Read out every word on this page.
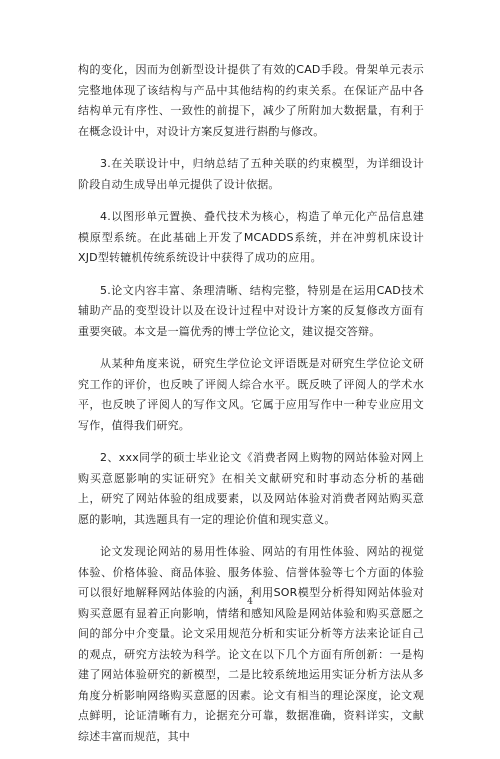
构的变化，因而为创新型设计提供了有效的CAD手段。骨架单元表示完整地体现了该结构与产品中其他结构的约束关系。在保证产品中各结构单元有序性、一致性的前提下，减少了所附加大数据量，有利于在概念设计中，对设计方案反复进行斟酌与修改。

3.在关联设计中，归纳总结了五种关联的约束模型，为详细设计阶段自动生成导出单元提供了设计依据。

4.以图形单元置换、叠代技术为核心，构造了单元化产品信息建模原型系统。在此基础上开发了MCADDS系统，并在冲剪机床设计XJD型转辘机传统系统设计中获得了成功的应用。

5.论文内容丰富、条理清晰、结构完整，特别是在运用CAD技术辅助产品的变型设计以及在设计过程中对设计方案的反复修改方面有重要突破。本文是一篇优秀的博士学位论文，建议提交答辩。

从某种角度来说，研究生学位论文评语既是对研究生学位论文研究工作的评价，也反映了评阅人综合水平。既反映了评阅人的学术水平，也反映了评阅人的写作文风。它属于应用写作中一种专业应用文写作，值得我们研究。

2、xxx同学的硕士毕业论文《消费者网上购物的网站体验对网上购买意愿影响的实证研究》在相关文献研究和时事动态分析的基础上，研究了网站体验的组成要素，以及网站体验对消费者网站购买意愿的影响，其选题具有一定的理论价值和现实意义。

论文发现论网站的易用性体验、网站的有用性体验、网站的视觉体验、价格体验、商品体验、服务体验、信誉体验等七个方面的体验可以很好地解释网站体验的内涵，利用SOR模型分析得知网站体验对购买意愿有显着正向影响，情绪和感知风险是网站体验和购买意愿之间的部分中介变量。论文采用规范分析和实证分析等方法来论证自己的观点，研究方法较为科学。论文在以下几个方面有所创新：一是构建了网站体验研究的新模型，二是比较系统地运用实证分析方法从多角度分析影响网络购买意愿的因素。论文有相当的理论深度，论文观点鲜明，论证清晰有力，论据充分可靠，数据准确，资料详实，文献综述丰富而规范，其中

4
